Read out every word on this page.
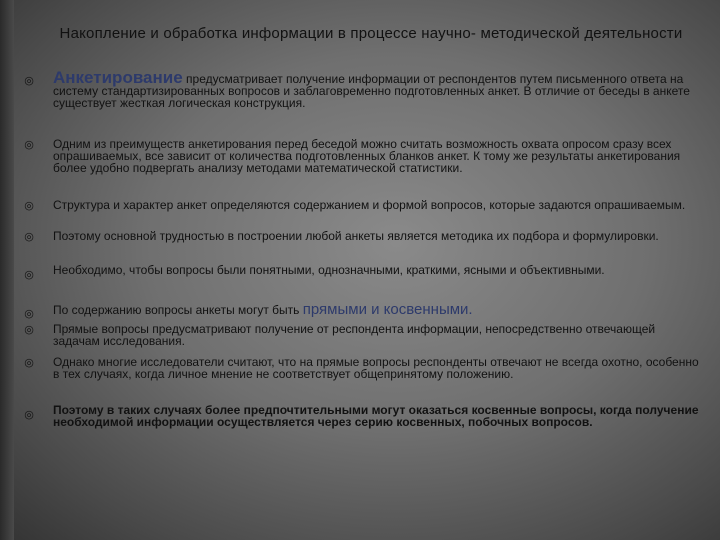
Накопление и обработка информации в процессе научно- методической деятельности
◎ Анкетирование предусматривает получение информации от респондентов путем письменного ответа на систему стандартизированных вопросов и заблаговременно подготовленных анкет. В отличие от беседы в анкете существует жесткая логическая конструкция.
◎ Одним из преимуществ анкетирования перед беседой можно считать возможность охвата опросом сразу всех опрашиваемых, все зависит от количества подготовленных бланков анкет. К тому же результаты анкетирования более удобно подвергать анализу методами математической статистики.
◎ Структура и характер анкет определяются содержанием и формой вопросов, которые задаются опрашиваемым.
◎ Поэтому основной трудностью в построении любой анкеты является методика их подбора и формулировки.
◎ Необходимо, чтобы вопросы были понятными, однозначными, краткими, ясными и объективными.
◎ По содержанию вопросы анкеты могут быть прямыми и косвенными.
◎ Прямые вопросы предусматривают получение от респондента информации, непосредственно отвечающей задачам исследования.
◎ Однако многие исследователи считают, что на прямые вопросы респонденты отвечают не всегда охотно, особенно в тех случаях, когда личное мнение не соответствует общепринятому положению.
◎ Поэтому в таких случаях более предпочтительными могут оказаться косвенные вопросы, когда получение необходимой информации осуществляется через серию косвенных, побочных вопросов.
